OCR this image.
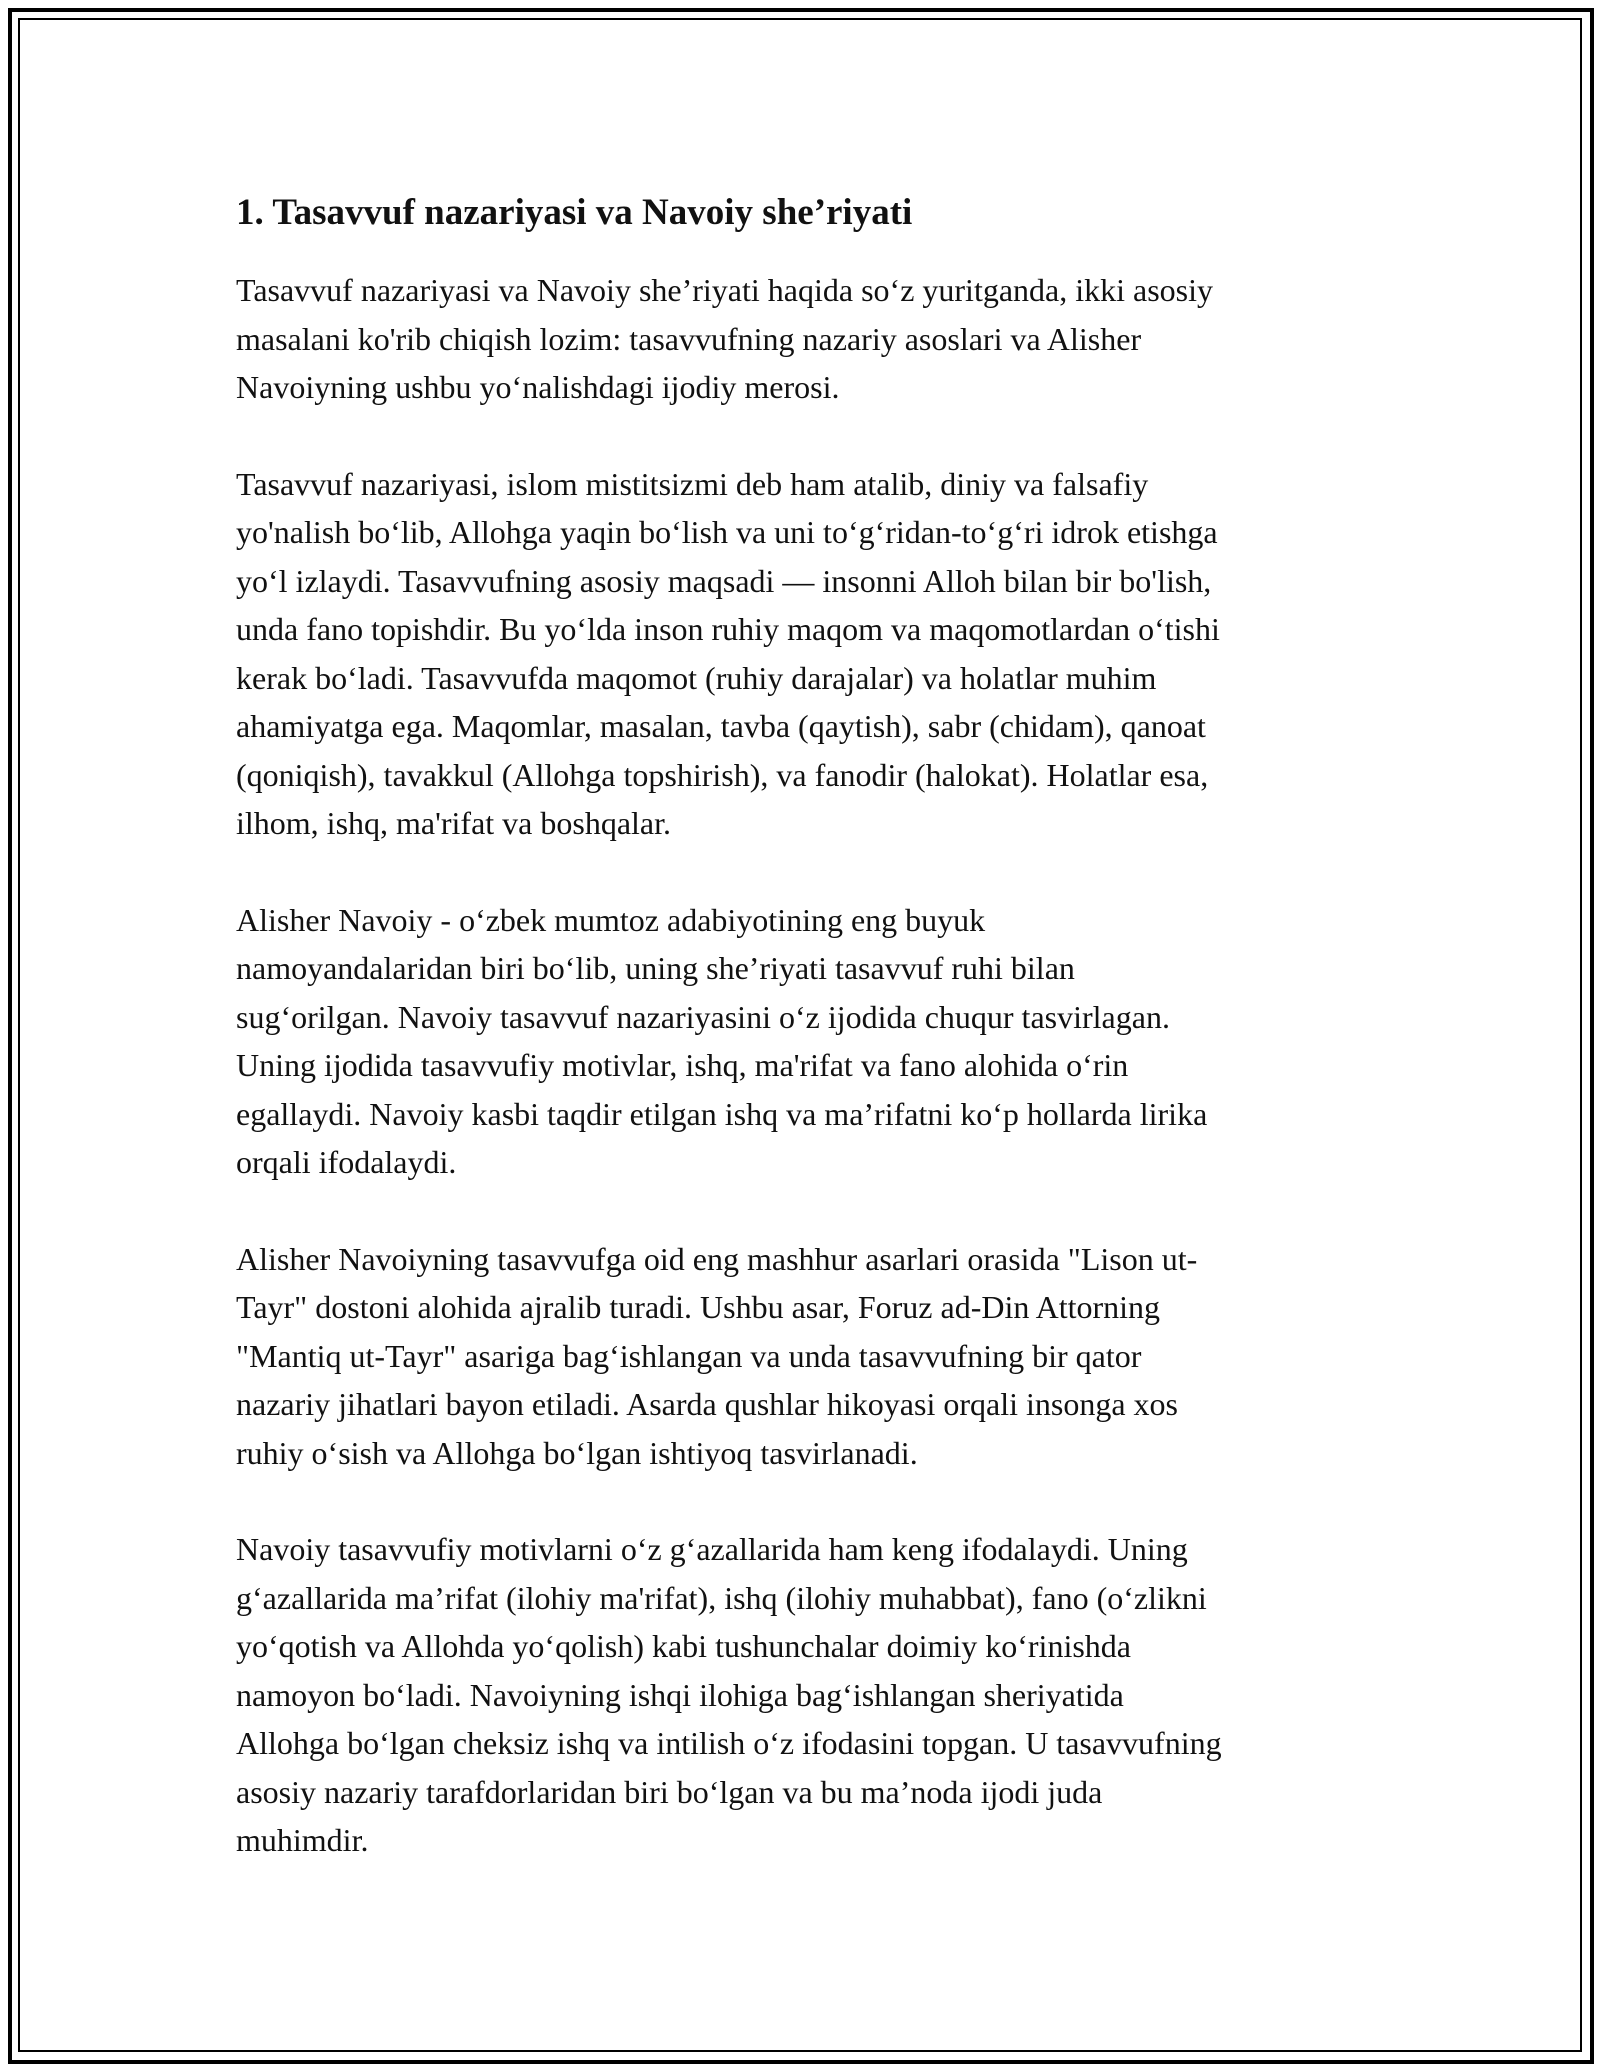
1. Tasavvuf nazariyasi va Navoiy she’riyati

Tasavvuf nazariyasi va Navoiy she’riyati haqida so‘z yuritganda, ikki asosiy
masalani ko'rib chiqish lozim: tasavvufning nazariy asoslari va Alisher
Navoiyning ushbu yo‘nalishdagi ijodiy merosi.

Tasavvuf nazariyasi, islom mistitsizmi deb ham atalib, diniy va falsafiy
yo'nalish bo‘lib, Allohga yaqin bo‘lish va uni to‘g‘ridan-to‘g‘ri idrok etishga
yo‘l izlaydi. Tasavvufning asosiy maqsadi — insonni Alloh bilan bir bo'lish,
unda fano topishdir. Bu yo‘lda inson ruhiy maqom va maqomotlardan o‘tishi
kerak bo‘ladi. Tasavvufda maqomot (ruhiy darajalar) va holatlar muhim
ahamiyatga ega. Maqomlar, masalan, tavba (qaytish), sabr (chidam), qanoat
(qoniqish), tavakkul (Allohga topshirish), va fanodir (halokat). Holatlar esa,
ilhom, ishq, ma'rifat va boshqalar.

Alisher Navoiy - o‘zbek mumtoz adabiyotining eng buyuk
namoyandalaridan biri bo‘lib, uning she’riyati tasavvuf ruhi bilan
sug‘orilgan. Navoiy tasavvuf nazariyasini o‘z ijodida chuqur tasvirlagan.
Uning ijodida tasavvufiy motivlar, ishq, ma'rifat va fano alohida o‘rin
egallaydi. Navoiy kasbi taqdir etilgan ishq va ma’rifatni ko‘p hollarda lirika
orqali ifodalaydi.

Alisher Navoiyning tasavvufga oid eng mashhur asarlari orasida "Lison ut-
Tayr" dostoni alohida ajralib turadi. Ushbu asar, Foruz ad-Din Attorning
"Mantiq ut-Tayr" asariga bag‘ishlangan va unda tasavvufning bir qator
nazariy jihatlari bayon etiladi. Asarda qushlar hikoyasi orqali insonga xos
ruhiy o‘sish va Allohga bo‘lgan ishtiyoq tasvirlanadi.

Navoiy tasavvufiy motivlarni o‘z g‘azallarida ham keng ifodalaydi. Uning
g‘azallarida ma’rifat (ilohiy ma'rifat), ishq (ilohiy muhabbat), fano (o‘zlikni
yo‘qotish va Allohda yo‘qolish) kabi tushunchalar doimiy ko‘rinishda
namoyon bo‘ladi. Navoiyning ishqi ilohiga bag‘ishlangan sheriyatida
Allohga bo‘lgan cheksiz ishq va intilish o‘z ifodasini topgan. U tasavvufning
asosiy nazariy tarafdorlaridan biri bo‘lgan va bu ma’noda ijodi juda
muhimdir.
